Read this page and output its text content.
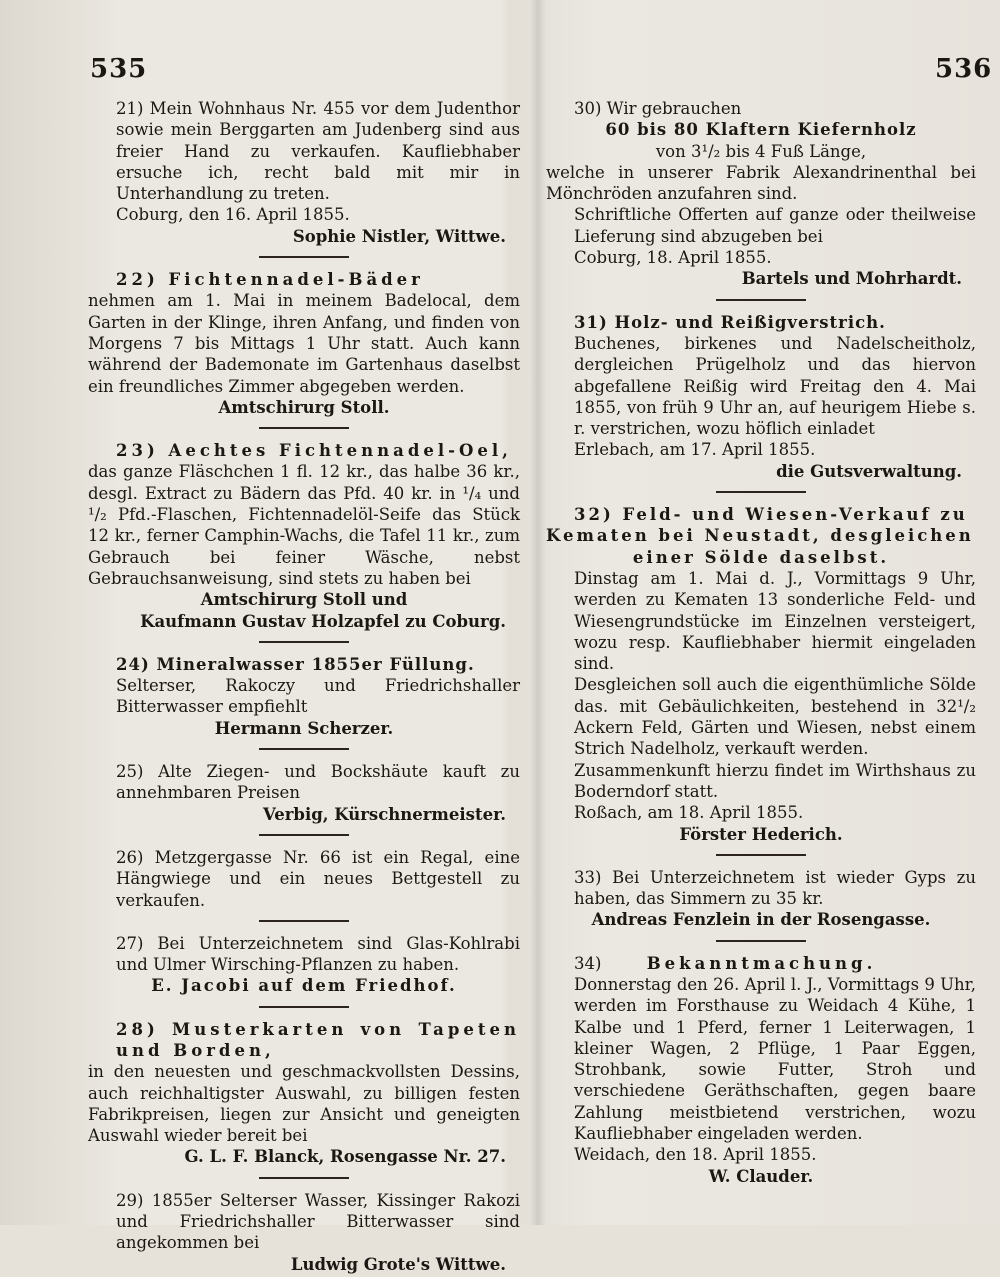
535	536

21) Mein Wohnhaus Nr. 455 vor dem Judenthor sowie mein Berggarten am Judenberg sind aus freier Hand zu verkaufen. Kaufliebhaber ersuche ich, recht bald mit mir in Unterhandlung zu treten.

Coburg, den 16. April 1855.

Sophie Nistler, Wittwe.

22) Fichtennadel-Bäder

nehmen am 1. Mai in meinem Badelocal, dem Garten in der Klinge, ihren Anfang, und finden von Morgens 7 bis Mittags 1 Uhr statt. Auch kann während der Bademonate im Gartenhaus daselbst ein freundliches Zimmer abgegeben werden.

Amtschirurg Stoll.

23) Aechtes Fichtennadel-Oel,

das ganze Fläschchen 1 fl. 12 kr., das halbe 36 kr., desgl. Extract zu Bädern das Pfd. 40 kr. in ¹/₄ und ¹/₂ Pfd.-Flaschen, Fichtennadelöl-Seife das Stück 12 kr., ferner Camphin-Wachs, die Tafel 11 kr., zum Gebrauch bei feiner Wäsche, nebst Gebrauchsanweisung, sind stets zu haben bei

Amtschirurg Stoll und

Kaufmann Gustav Holzapfel zu Coburg.

24) Mineralwasser 1855er Füllung.

Selterser, Rakoczy und Friedrichshaller Bitterwasser empfiehlt

Hermann Scherzer.

25) Alte Ziegen- und Bockshäute kauft zu annehmbaren Preisen

Verbig, Kürschnermeister.

26) Metzgergasse Nr. 66 ist ein Regal, eine Hängwiege und ein neues Bettgestell zu verkaufen.

27) Bei Unterzeichnetem sind Glas-Kohlrabi und Ulmer Wirsching-Pflanzen zu haben.

E. Jacobi auf dem Friedhof.

28) Musterkarten von Tapeten und Borden,

in den neuesten und geschmackvollsten Dessins, auch reichhaltigster Auswahl, zu billigen festen Fabrikpreisen, liegen zur Ansicht und geneigten Auswahl wieder bereit bei

G. L. F. Blanck, Rosengasse Nr. 27.

29) 1855er Selterser Wasser, Kissinger Rakozi und Friedrichshaller Bitterwasser sind angekommen bei

Ludwig Grote's Wittwe.

30) Wir gebrauchen

60 bis 80 Klaftern Kiefernholz

von 3¹/₂ bis 4 Fuß Länge,

welche in unserer Fabrik Alexandrinenthal bei Mönchröden anzufahren sind.

Schriftliche Offerten auf ganze oder theilweise Lieferung sind abzugeben bei

Coburg, 18. April 1855.

Bartels und Mohrhardt.

31) Holz- und Reißigverstrich.

Buchenes, birkenes und Nadelscheitholz, dergleichen Prügelholz und das hiervon abgefallene Reißig wird Freitag den 4. Mai 1855, von früh 9 Uhr an, auf heurigem Hiebe s. r. verstrichen, wozu höflich einladet

Erlebach, am 17. April 1855.

die Gutsverwaltung.

32) Feld- und Wiesen-Verkauf zu

Kematen bei Neustadt, desgleichen

einer Sölde daselbst.

Dinstag am 1. Mai d. J., Vormittags 9 Uhr, werden zu Kematen 13 sonderliche Feld- und Wiesengrundstücke im Einzelnen versteigert, wozu resp. Kaufliebhaber hiermit eingeladen sind.

Desgleichen soll auch die eigenthümliche Sölde das. mit Gebäulichkeiten, bestehend in 32¹/₂ Ackern Feld, Gärten und Wiesen, nebst einem Strich Nadelholz, verkauft werden.

Zusammenkunft hierzu findet im Wirthshaus zu Boderndorf statt.

Roßach, am 18. April 1855.

Förster Hederich.

33) Bei Unterzeichnetem ist wieder Gyps zu haben, das Simmern zu 35 kr.

Andreas Fenzlein in der Rosengasse.

34)	Bekanntmachung.

Donnerstag den 26. April l. J., Vormittags 9 Uhr, werden im Forsthause zu Weidach 4 Kühe, 1 Kalbe und 1 Pferd, ferner 1 Leiterwagen, 1 kleiner Wagen, 2 Pflüge, 1 Paar Eggen, Strohbank, sowie Futter, Stroh und verschiedene Geräthschaften, gegen baare Zahlung meistbietend verstrichen, wozu Kaufliebhaber eingeladen werden.

Weidach, den 18. April 1855.

W. Clauder.
